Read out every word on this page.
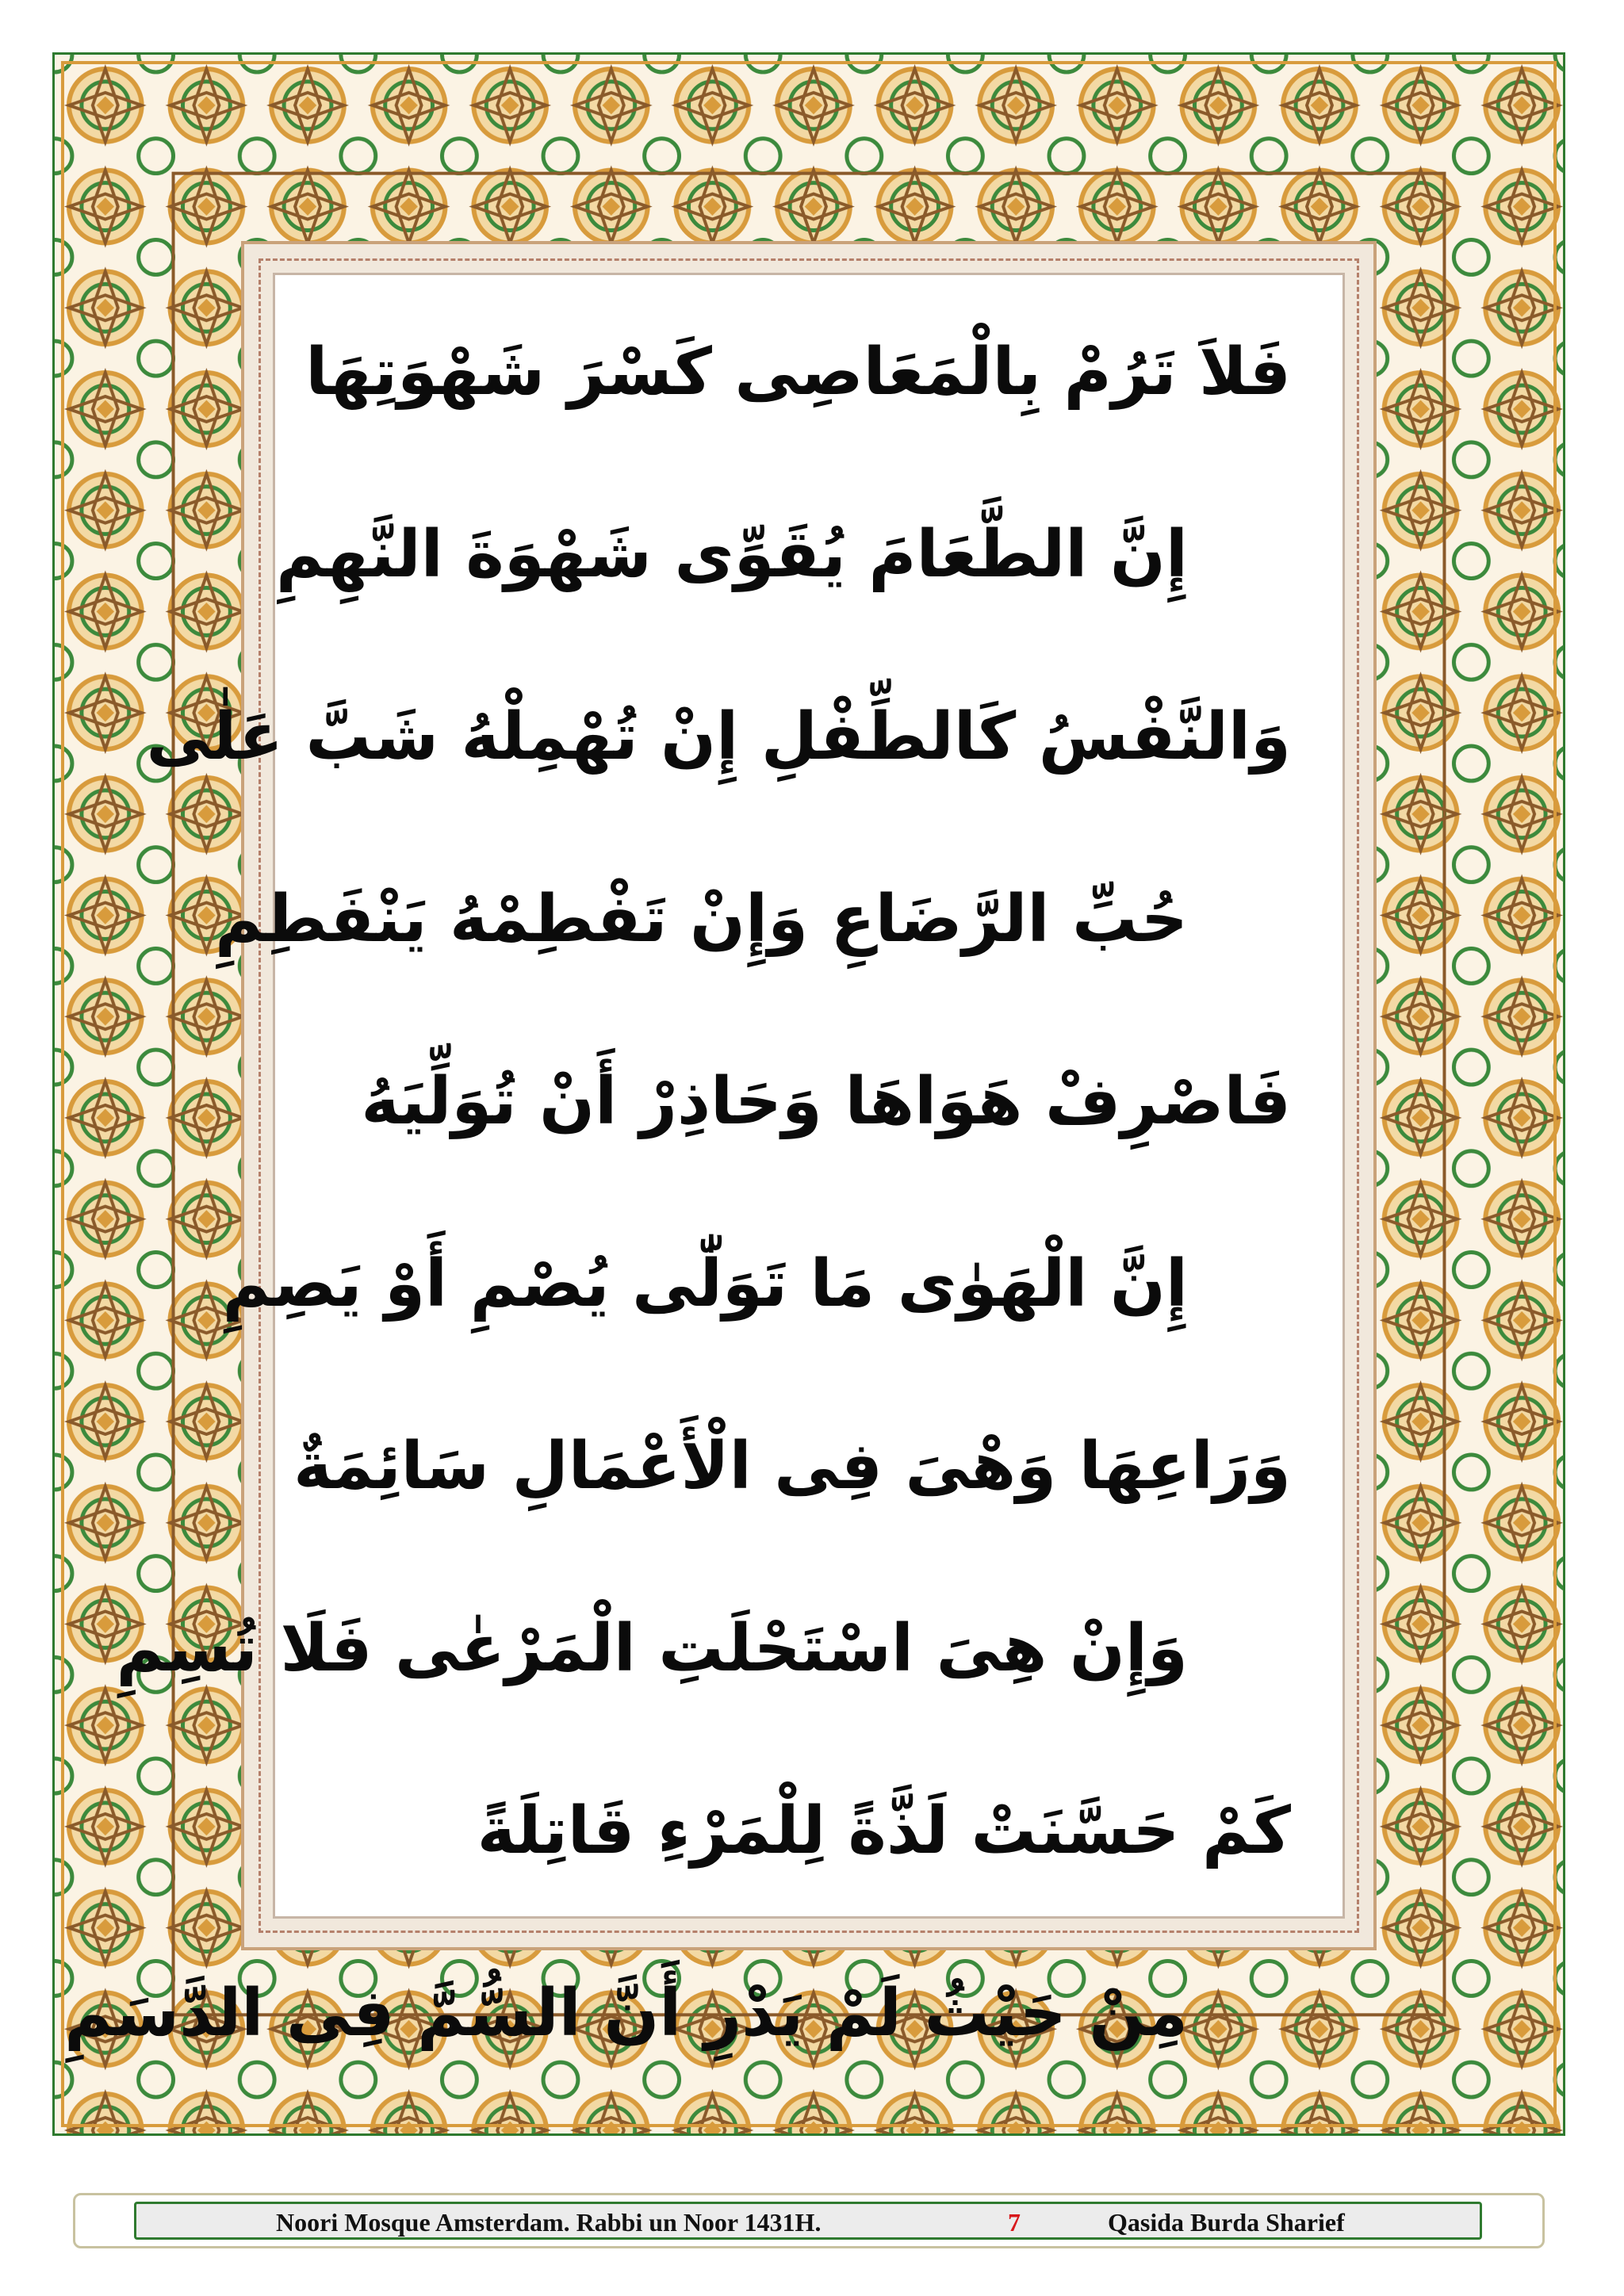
فَلاَ تَرُمْ بِالْمَعَاصِى كَسْرَ شَهْوَتِهَا
إِنَّ الطَّعَامَ يُقَوِّى شَهْوَةَ النَّهِمِ
وَالنَّفْسُ كَالطِّفْلِ إِنْ تُهْمِلْهُ شَبَّ عَلٰى
حُبِّ الرَّضَاعِ وَإِنْ تَفْطِمْهُ يَنْفَطِمِ
فَاصْرِفْ هَوَاهَا وَحَاذِرْ أَنْ تُوَلِّيَهُ
إِنَّ الْهَوٰى مَا تَوَلّٰى يُصْمِ أَوْ يَصِمِ
وَرَاعِهَا وَهْىَ فِى الْأَعْمَالِ سَائِمَةٌ
وَإِنْ هِىَ اسْتَحْلَتِ الْمَرْعٰى فَلَا تُسِمِ
كَمْ حَسَّنَتْ لَذَّةً لِلْمَرْءِ قَاتِلَةً
مِنْ حَيْثُ لَمْ يَدْرِ أَنَّ السُّمَّ فِى الدَّسَمِ
Noori Mosque Amsterdam. Rabbi un Noor 1431H.	7	Qasida Burda Sharief
